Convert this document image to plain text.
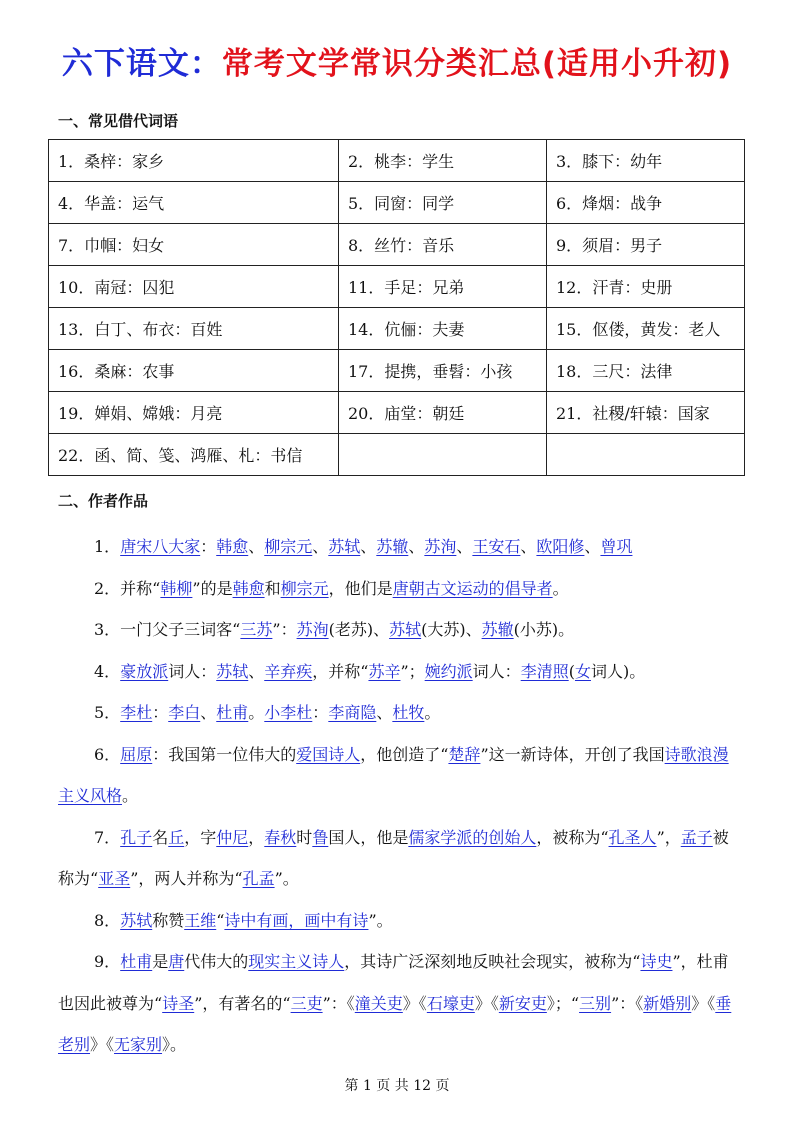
六下语文：常考文学常识分类汇总(适用小升初)
一、常见借代词语
1．桑梓：家乡	2．桃李：学生	3．膝下：幼年
4．华盖：运气	5．同窗：同学	6．烽烟：战争
7．巾帼：妇女	8．丝竹：音乐	9．须眉：男子
10．南冠：囚犯	11．手足：兄弟	12．汗青：史册
13．白丁、布衣：百姓	14．伉俪：夫妻	15．伛偻，黄发：老人
16．桑麻：农事	17．提携，垂髫：小孩	18．三尺：法律
19．婵娟、嫦娥：月亮	20．庙堂：朝廷	21．社稷/轩辕：国家
22．函、简、笺、鸿雁、札：书信		
二、作者作品

1．唐宋八大家：韩愈、柳宗元、苏轼、苏辙、苏洵、王安石、欧阳修、曾巩

2．并称“韩柳”的是韩愈和柳宗元，他们是唐朝古文运动的倡导者。

3．一门父子三词客“三苏”：苏洵(老苏)、苏轼(大苏)、苏辙(小苏)。

4．豪放派词人：苏轼、辛弃疾，并称“苏辛”；婉约派词人：李清照(女词人)。

5．李杜：李白、杜甫。小李杜：李商隐、杜牧。

6．屈原：我国第一位伟大的爱国诗人，他创造了“楚辞”这一新诗体，开创了我国诗歌浪漫主义风格。

7．孔子名丘，字仲尼，春秋时鲁国人，他是儒家学派的创始人，被称为“孔圣人”，孟子被称为“亚圣”，两人并称为“孔孟”。

8．苏轼称赞王维“诗中有画，画中有诗”。

9．杜甫是唐代伟大的现实主义诗人，其诗广泛深刻地反映社会现实，被称为“诗史”，杜甫也因此被尊为“诗圣”，有著名的“三吏”：《潼关吏》《石壕吏》《新安吏》；“三别”：《新婚别》《垂老别》《无家别》。

第 1 页 共 12 页
